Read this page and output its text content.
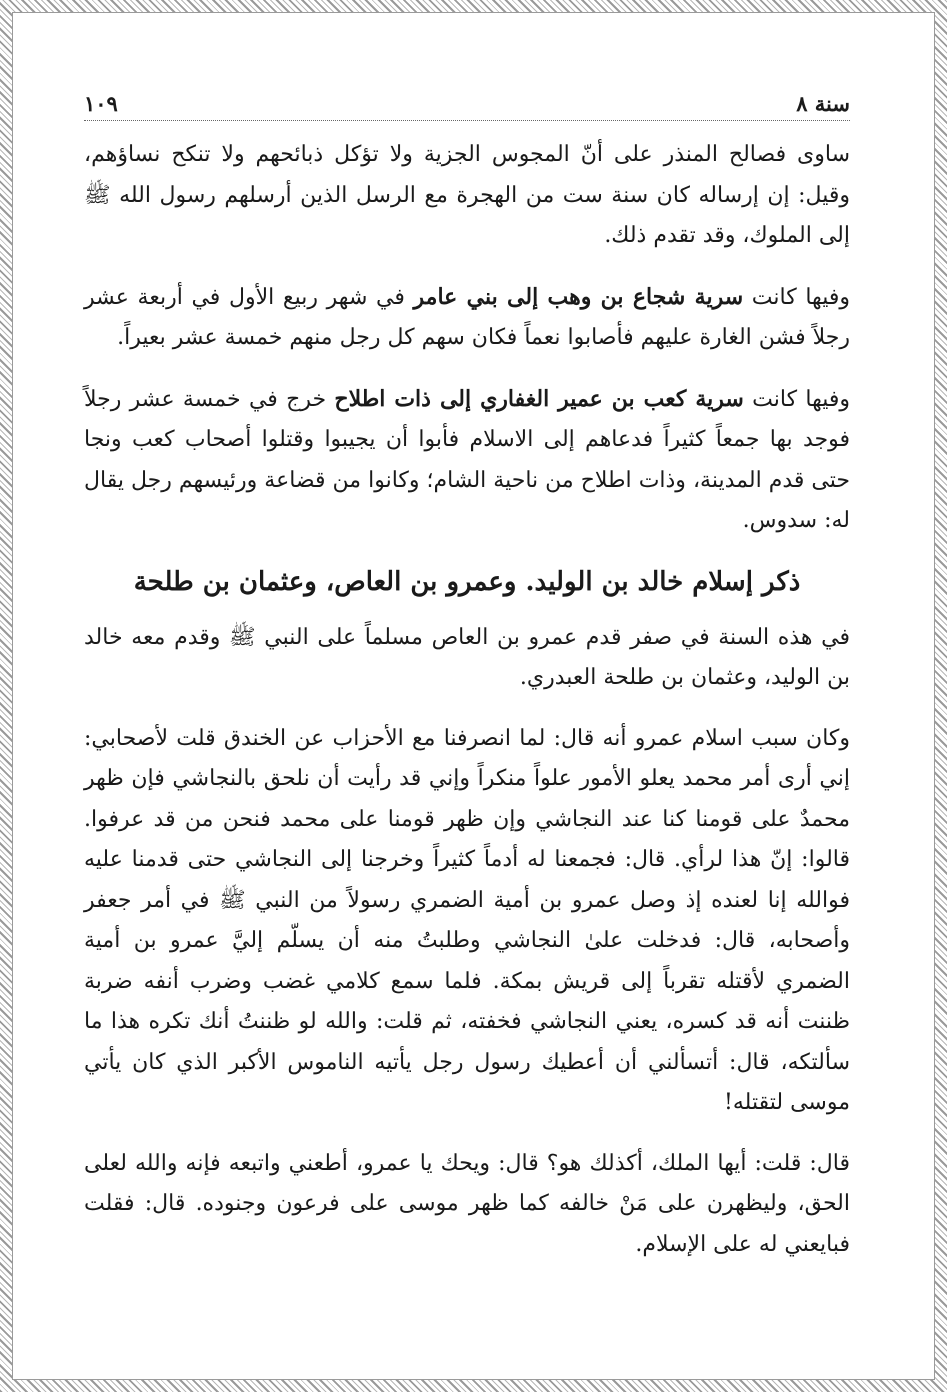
سنة ٨
١٠٩

ساوى فصالح المنذر على أنّ المجوس الجزية ولا تؤكل ذبائحهم ولا تنكح نساؤهم، وقيل: إن إرساله كان سنة ست من الهجرة مع الرسل الذين أرسلهم رسول الله ﷺ إلى الملوك، وقد تقدم ذلك.

وفيها كانت سرية شجاع بن وهب إلى بني عامر في شهر ربيع الأول في أربعة عشر رجلاً فشن الغارة عليهم فأصابوا نعماً فكان سهم كل رجل منهم خمسة عشر بعيراً.

وفيها كانت سرية كعب بن عمير الغفاري إلى ذات اطلاح خرج في خمسة عشر رجلاً فوجد بها جمعاً كثيراً فدعاهم إلى الاسلام فأبوا أن يجيبوا وقتلوا أصحاب كعب ونجا حتى قدم المدينة، وذات اطلاح من ناحية الشام؛ وكانوا من قضاعة ورئيسهم رجل يقال له: سدوس.

ذكر إسلام خالد بن الوليد. وعمرو بن العاص، وعثمان بن طلحة

في هذه السنة في صفر قدم عمرو بن العاص مسلماً على النبي ﷺ وقدم معه خالد بن الوليد، وعثمان بن طلحة العبدري.

وكان سبب اسلام عمرو أنه قال: لما انصرفنا مع الأحزاب عن الخندق قلت لأصحابي: إني أرى أمر محمد يعلو الأمور علواً منكراً وإني قد رأيت أن نلحق بالنجاشي فإن ظهر محمدٌ على قومنا كنا عند النجاشي وإن ظهر قومنا على محمد فنحن من قد عرفوا. قالوا: إنّ هذا لرأي. قال: فجمعنا له أدماً كثيراً وخرجنا إلى النجاشي حتى قدمنا عليه فوالله إنا لعنده إذ وصل عمرو بن أمية الضمري رسولاً من النبي ﷺ في أمر جعفر وأصحابه، قال: فدخلت علىٰ النجاشي وطلبتُ منه أن يسلّم إليَّ عمرو بن أمية الضمري لأقتله تقرباً إلى قريش بمكة. فلما سمع كلامي غضب وضرب أنفه ضربة ظننت أنه قد كسره، يعني النجاشي فخفته، ثم قلت: والله لو ظننتُ أنك تكره هذا ما سألتكه، قال: أتسألني أن أعطيك رسول رجل يأتيه الناموس الأكبر الذي كان يأتي موسى لتقتله!

قال: قلت: أيها الملك، أكذلك هو؟ قال: ويحك يا عمرو، أطعني واتبعه فإنه والله لعلى الحق، وليظهرن على مَنْ خالفه كما ظهر موسى على فرعون وجنوده. قال: فقلت فبايعني له على الإسلام.
